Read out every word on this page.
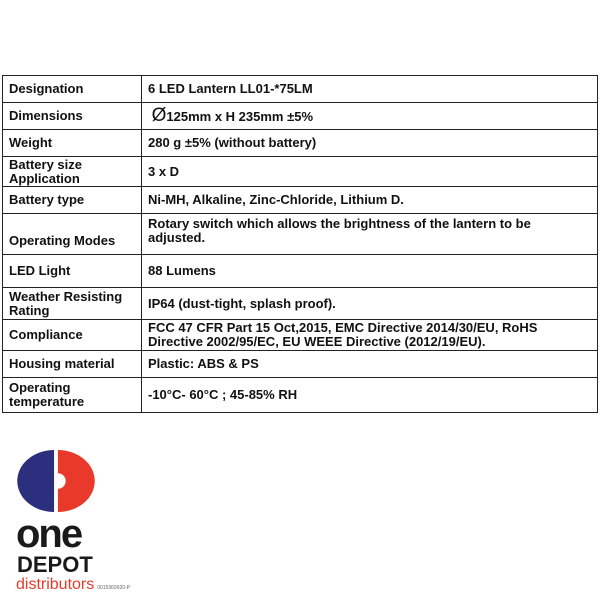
Designation	6 LED Lantern LL01-*75LM
Dimensions	Ø125mm x H 235mm ±5%
Weight	280 g ±5% (without battery)
Battery size Application	3 x D
Battery type	Ni-MH, Alkaline, Zinc-Chloride, Lithium D.
Operating Modes	Rotary switch which allows the brightness of the lantern to be adjusted.
LED Light	88 Lumens
Weather Resisting Rating	IP64 (dust-tight, splash proof).
Compliance	FCC 47 CFR Part 15 Oct,2015, EMC Directive 2014/30/EU, RoHS Directive 2002/95/EC, EU WEEE Directive (2012/19/EU).
Housing material	Plastic: ABS & PS
Operating temperature	-10°C- 60°C ; 45-85% RH
one
DEPOT
distributors 0015369920-P
